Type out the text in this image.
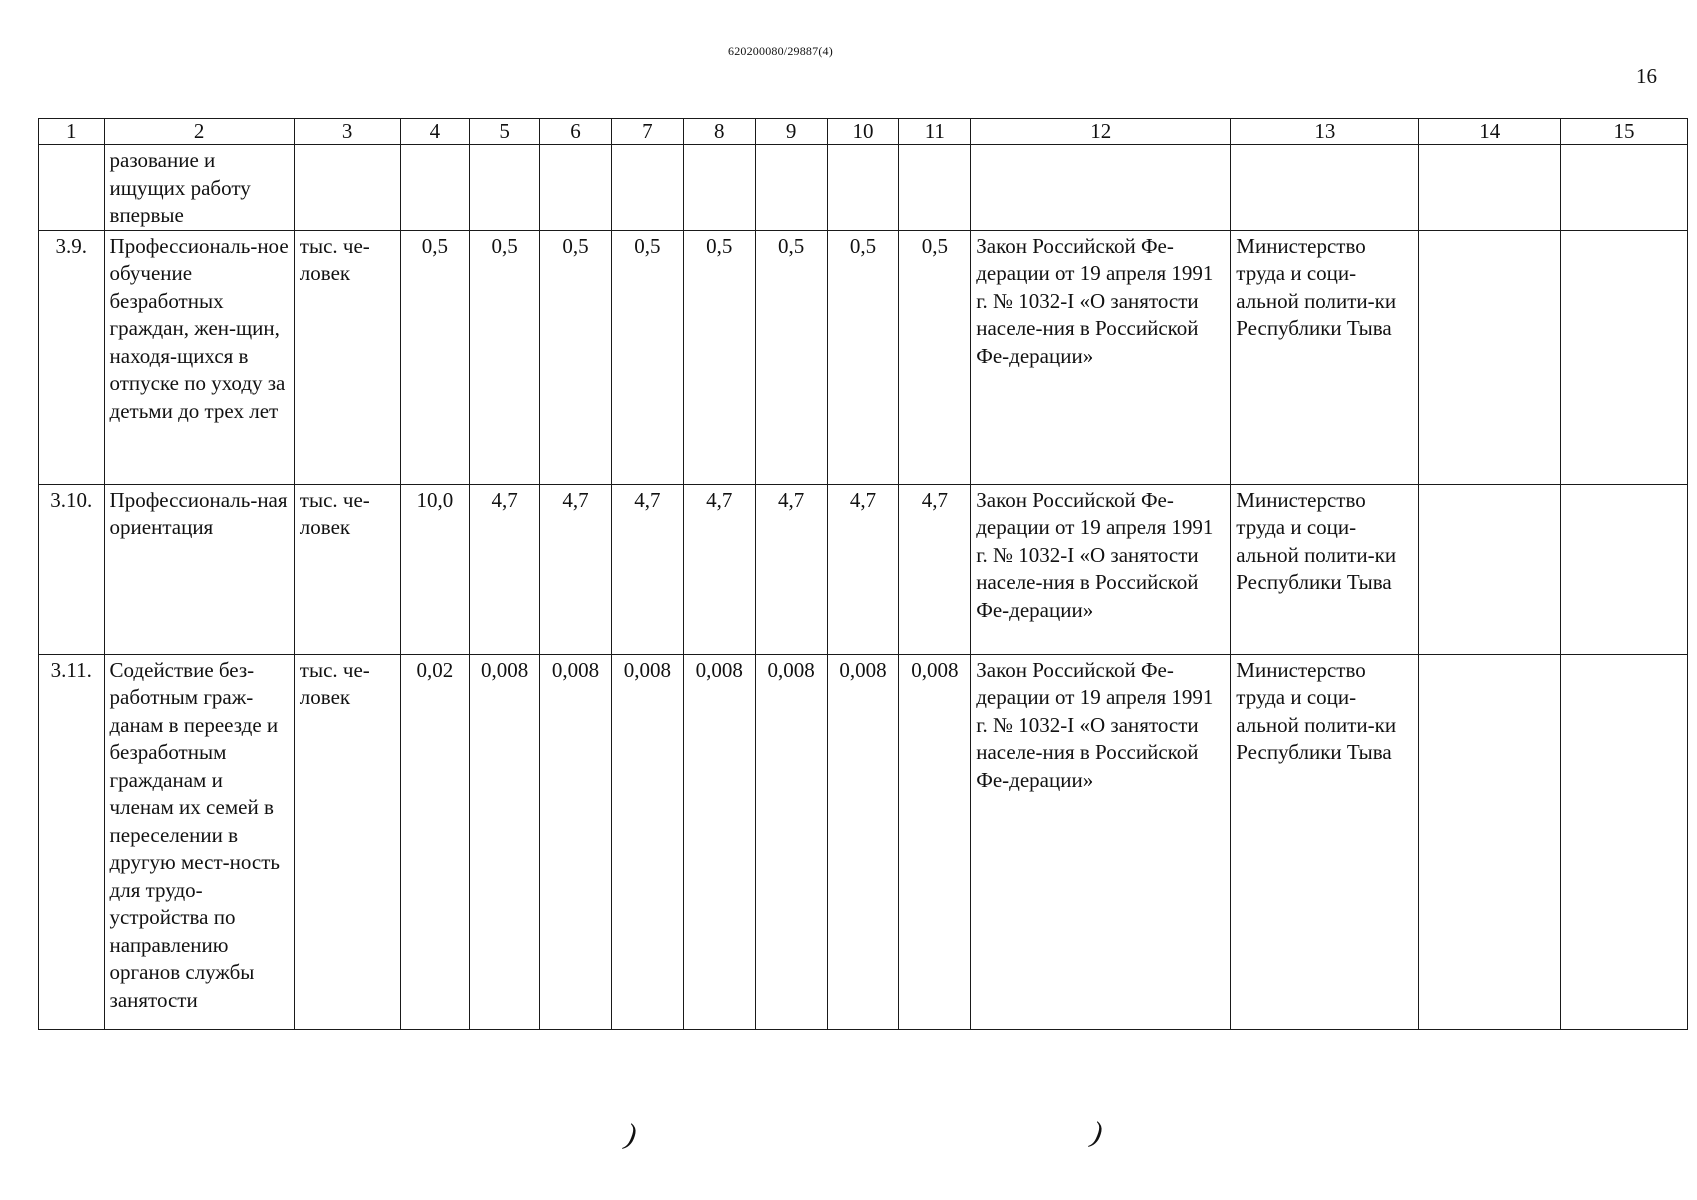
620200080/29887(4)
16
1	2	3	4	5	6	7	8	9	10	11	12	13	14	15
	разование и ищущих работу впервые													
3.9.	Профессиональ-ное обучение безработных граждан, жен-щин, находя-щихся в отпуске по уходу за детьми до трех лет	тыс. че-ловек	0,5	0,5	0,5	0,5	0,5	0,5	0,5	0,5	Закон Российской Фе-дерации от 19 апреля 1991 г. № 1032-I «О занятости населе-ния в Российской Фе-дерации»	Министерство труда и соци-альной полити-ки Республики Тыва		
3.10.	Профессиональ-ная ориентация	тыс. че-ловек	10,0	4,7	4,7	4,7	4,7	4,7	4,7	4,7	Закон Российской Фе-дерации от 19 апреля 1991 г. № 1032-I «О занятости населе-ния в Российской Фе-дерации»	Министерство труда и соци-альной полити-ки Республики Тыва		
3.11.	Содействие без-работным граж-данам в переезде и безработным гражданам и членам их семей в переселении в другую мест-ность для трудо-устройства по направлению органов службы занятости	тыс. че-ловек	0,02	0,008	0,008	0,008	0,008	0,008	0,008	0,008	Закон Российской Фе-дерации от 19 апреля 1991 г. № 1032-I «О занятости населе-ния в Российской Фе-дерации»	Министерство труда и соци-альной полити-ки Республики Тыва		
)	)
